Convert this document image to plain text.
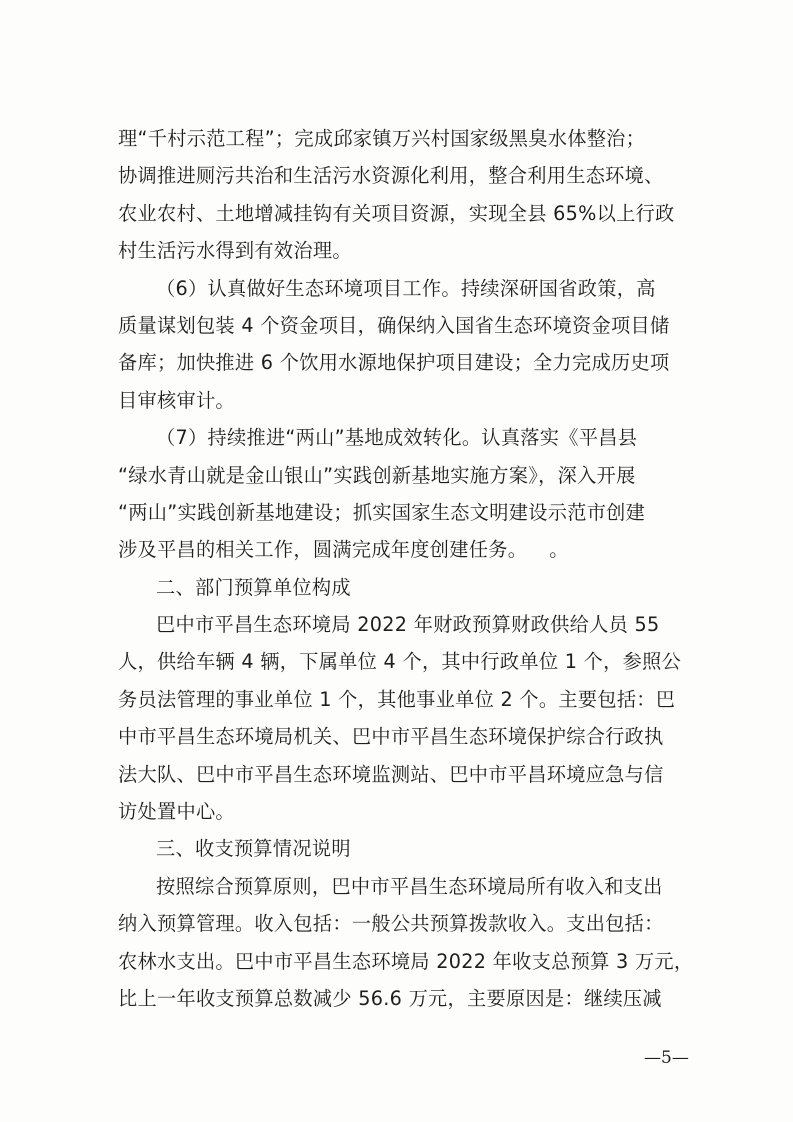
理“千村示范工程”；完成邱家镇万兴村国家级黑臭水体整治；
协调推进厕污共治和生活污水资源化利用，整合利用生态环境、
农业农村、土地增减挂钩有关项目资源，实现全县 65%以上行政
村生活污水得到有效治理。
（6）认真做好生态环境项目工作。持续深研国省政策，高
质量谋划包装 4 个资金项目，确保纳入国省生态环境资金项目储
备库；加快推进 6 个饮用水源地保护项目建设；全力完成历史项
目审核审计。
（7）持续推进“两山”基地成效转化。认真落实《平昌县
“绿水青山就是金山银山”实践创新基地实施方案》，深入开展
“两山”实践创新基地建设；抓实国家生态文明建设示范市创建
涉及平昌的相关工作，圆满完成年度创建任务。 。
二、部门预算单位构成
巴中市平昌生态环境局 2022 年财政预算财政供给人员 55
人，供给车辆 4 辆，下属单位 4 个，其中行政单位 1 个，参照公
务员法管理的事业单位 1 个，其他事业单位 2 个。主要包括：巴
中市平昌生态环境局机关、巴中市平昌生态环境保护综合行政执
法大队、巴中市平昌生态环境监测站、巴中市平昌环境应急与信
访处置中心。
三、收支预算情况说明
按照综合预算原则，巴中市平昌生态环境局所有收入和支出
纳入预算管理。收入包括：一般公共预算拨款收入。支出包括：
农林水支出。巴中市平昌生态环境局 2022 年收支总预算 3 万元，
比上一年收支预算总数减少 56.6 万元，主要原因是：继续压减
—5—
